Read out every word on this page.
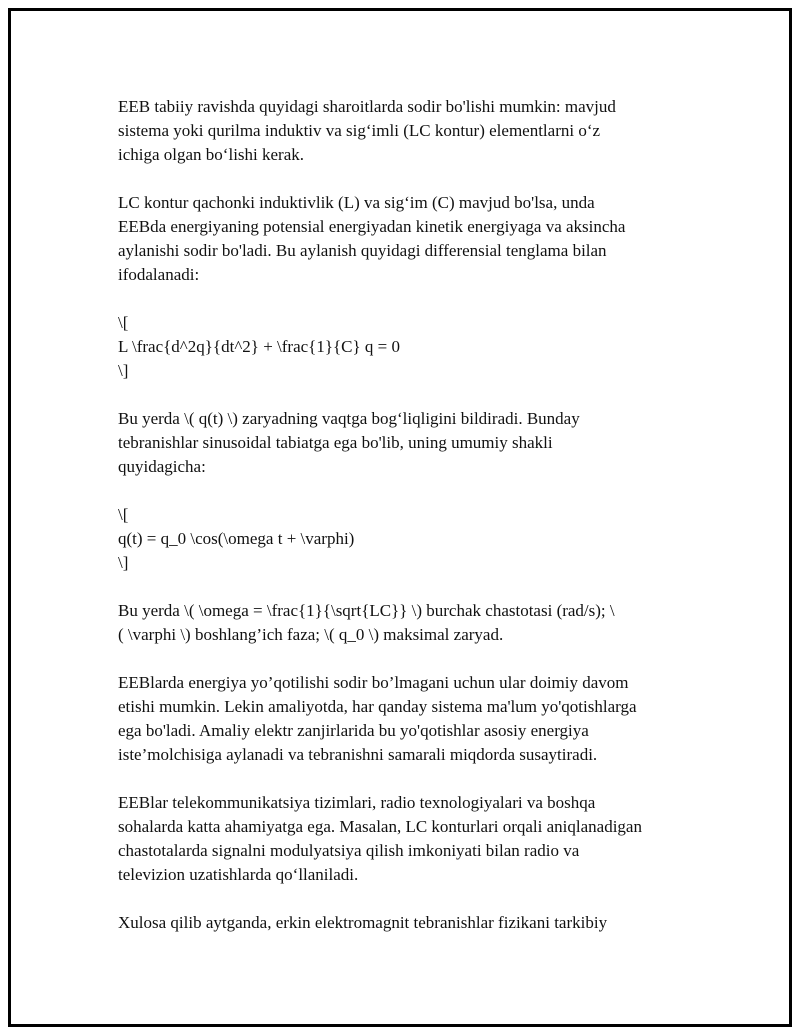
EEB tabiiy ravishda quyidagi sharoitlarda sodir bo'lishi mumkin: mavjud
sistema yoki qurilma induktiv va sig‘imli (LC kontur) elementlarni o‘z
ichiga olgan bo‘lishi kerak.

LC kontur qachonki induktivlik (L) va sig‘im (C) mavjud bo'lsa, unda
EEBda energiyaning potensial energiyadan kinetik energiyaga va aksincha
aylanishi sodir bo'ladi. Bu aylanish quyidagi differensial tenglama bilan
ifodalanadi:

\[
L \frac{d^2q}{dt^2} + \frac{1}{C} q = 0
\]

Bu yerda \( q(t) \) zaryadning vaqtga bog‘liqligini bildiradi. Bunday
tebranishlar sinusoidal tabiatga ega bo'lib, uning umumiy shakli
quyidagicha:

\[
q(t) = q_0 \cos(\omega t + \varphi)
\]

Bu yerda \( \omega = \frac{1}{\sqrt{LC}} \) burchak chastotasi (rad/s); \
( \varphi \) boshlang’ich faza; \( q_0 \) maksimal zaryad.

EEBlarda energiya yo’qotilishi sodir bo’lmagani uchun ular doimiy davom
etishi mumkin. Lekin amaliyotda, har qanday sistema ma'lum yo'qotishlarga
ega bo'ladi. Amaliy elektr zanjirlarida bu yo'qotishlar asosiy energiya
iste’molchisiga aylanadi va tebranishni samarali miqdorda susaytiradi.

EEBlar telekommunikatsiya tizimlari, radio texnologiyalari va boshqa
sohalarda katta ahamiyatga ega. Masalan, LC konturlari orqali aniqlanadigan
chastotalarda signalni modulyatsiya qilish imkoniyati bilan radio va
televizion uzatishlarda qo‘llaniladi.

Xulosa qilib aytganda, erkin elektromagnit tebranishlar fizikani tarkibiy
